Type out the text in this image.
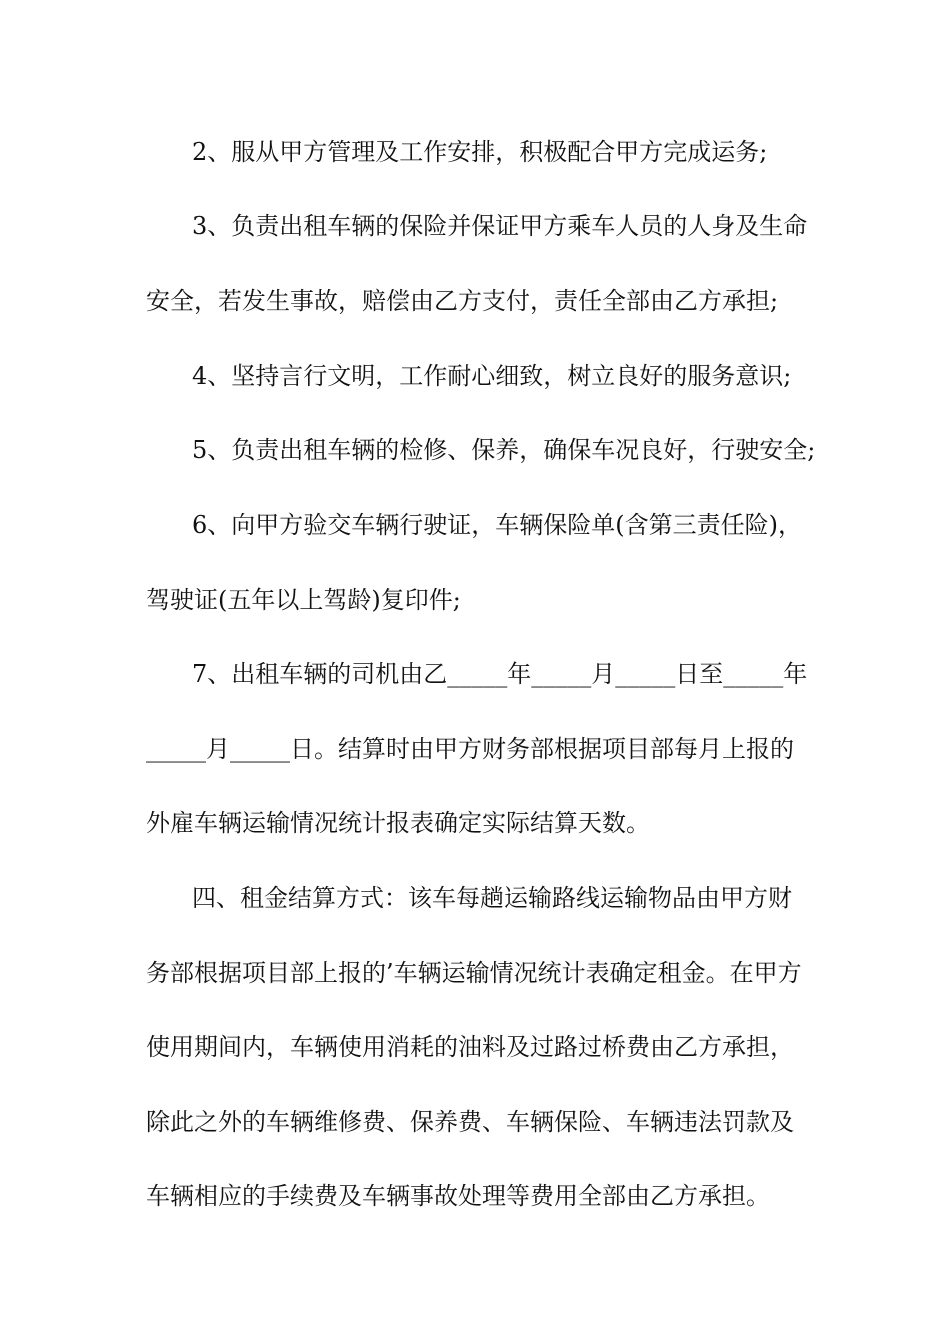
2、服从甲方管理及工作安排，积极配合甲方完成运务;
3、负责出租车辆的保险并保证甲方乘车人员的人身及生命
安全，若发生事故，赔偿由乙方支付，责任全部由乙方承担;
4、坚持言行文明，工作耐心细致，树立良好的服务意识;
5、负责出租车辆的检修、保养，确保车况良好，行驶安全;
6、向甲方验交车辆行驶证，车辆保险单(含第三责任险)，
驾驶证(五年以上驾龄)复印件;
7、出租车辆的司机由乙_____年_____月_____日至_____年
_____月_____日。结算时由甲方财务部根据项目部每月上报的
外雇车辆运输情况统计报表确定实际结算天数。
四、租金结算方式：该车每趟运输路线运输物品由甲方财
务部根据项目部上报的’车辆运输情况统计表确定租金。在甲方
使用期间内，车辆使用消耗的油料及过路过桥费由乙方承担，
除此之外的车辆维修费、保养费、车辆保险、车辆违法罚款及
车辆相应的手续费及车辆事故处理等费用全部由乙方承担。
